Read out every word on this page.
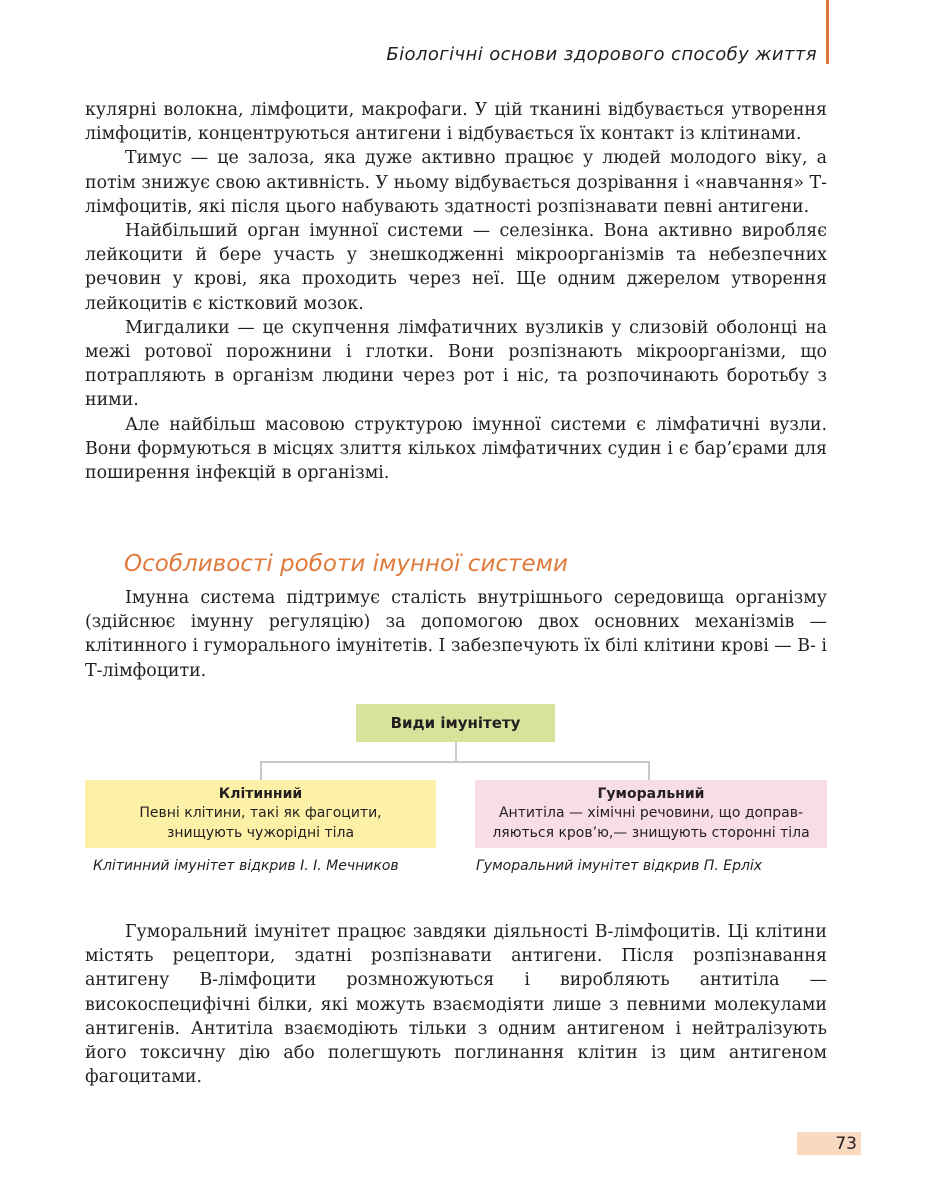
Біологічні основи здорового способу життя

кулярні волокна, лімфоцити, макрофаги. У цій тканині відбувається утворення лімфоцитів, концентруються антигени і відбувається їх контакт із клітинами.

Тимус — це залоза, яка дуже активно працює у людей молодого віку, а потім знижує свою активність. У ньому відбувається дозрівання і «навчання» Т-лімфоцитів, які після цього набувають здатності розпізнавати певні антигени.

Найбільший орган імунної системи — селезінка. Вона активно виробляє лейкоцити й бере участь у знешкодженні мікроорганізмів та небезпечних речовин у крові, яка проходить через неї. Ще одним джерелом утворення лейкоцитів є кістковий мозок.

Мигдалики — це скупчення лімфатичних вузликів у слизовій оболонці на межі ротової порожнини і глотки. Вони розпізнають мікроорганізми, що потрапляють в організм людини через рот і ніс, та розпочинають боротьбу з ними.

Але найбільш масовою структурою імунної системи є лімфатичні вузли. Вони формуються в місцях злиття кількох лімфатичних судин і є бар’єрами для поширення інфекцій в організмі.

Особливості роботи імунної системи

Імунна система підтримує сталість внутрішнього середовища організму (здійснює імунну регуляцію) за допомогою двох основних механізмів — клітинного і гуморального імунітетів. І забезпечують їх білі клітини крові — В- і Т-лімфоцити.

Види імунітету
Клітинний
Певні клітини, такі як фагоцити,
знищують чужорідні тіла
Гуморальний
Антитіла — хімічні речовини, що доправ-
ляються кров’ю,— знищують сторонні тіла
Клітинний імунітет відкрив І. І. Мечников	Гуморальний імунітет відкрив П. Ерліх

Гуморальний імунітет працює завдяки діяльності В-лімфоцитів. Ці клітини містять рецептори, здатні розпізнавати антигени. Після розпізнавання антигену В-лімфоцити розмножуються і виробляють антитіла — високоспецифічні білки, які можуть взаємодіяти лише з певними молекулами антигенів. Антитіла взаємодіють тільки з одним антигеном і нейтралізують його токсичну дію або полегшують поглинання клітин із цим антигеном фагоцитами.

73
